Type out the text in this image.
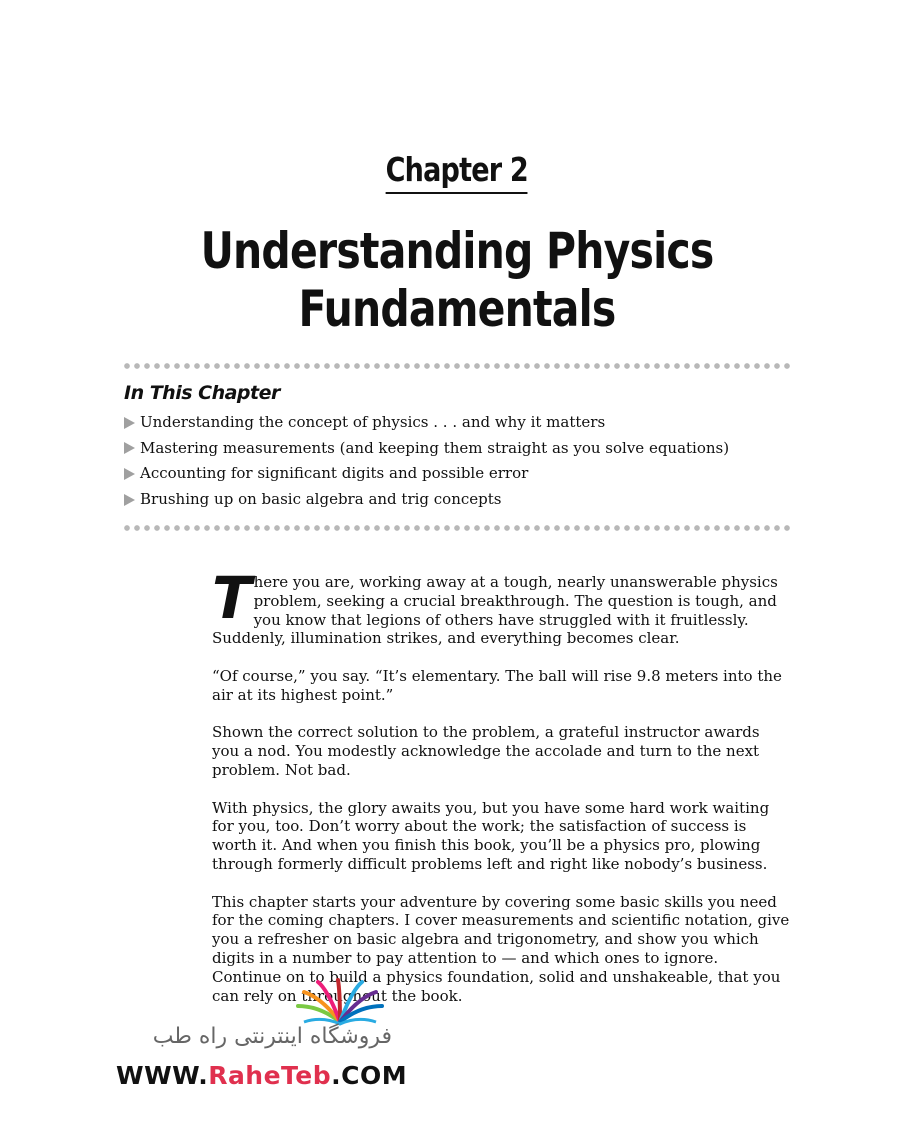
Chapter 2
Understanding Physics
Fundamentals
In This Chapter
Understanding the concept of physics . . . and why it matters
Mastering measurements (and keeping them straight as you solve equations)
Accounting for significant digits and possible error
Brushing up on basic algebra and trig concepts

T here you are, working away at a tough, nearly unanswerable physics problem, seeking a crucial breakthrough. The question is tough, and you know that legions of others have struggled with it fruitlessly. Suddenly, illumination strikes, and everything becomes clear.

“Of course,” you say. “It’s elementary. The ball will rise 9.8 meters into the air at its highest point.”

Shown the correct solution to the problem, a grateful instructor awards you a nod. You modestly acknowledge the accolade and turn to the next problem. Not bad.

With physics, the glory awaits you, but you have some hard work waiting for you, too. Don’t worry about the work; the satisfaction of success is worth it. And when you finish this book, you’ll be a physics pro, plowing through formerly difficult problems left and right like nobody’s business.

This chapter starts your adventure by covering some basic skills you need for the coming chapters. I cover measurements and scientific notation, give you a refresher on basic algebra and trigonometry, and show you which digits in a number to pay attention to — and which ones to ignore. Continue on to build a physics foundation, solid and unshakeable, that you can rely on throughout the book.

فروشگاه اینترنتی راه طب
WWW.RaheTeb.COM
